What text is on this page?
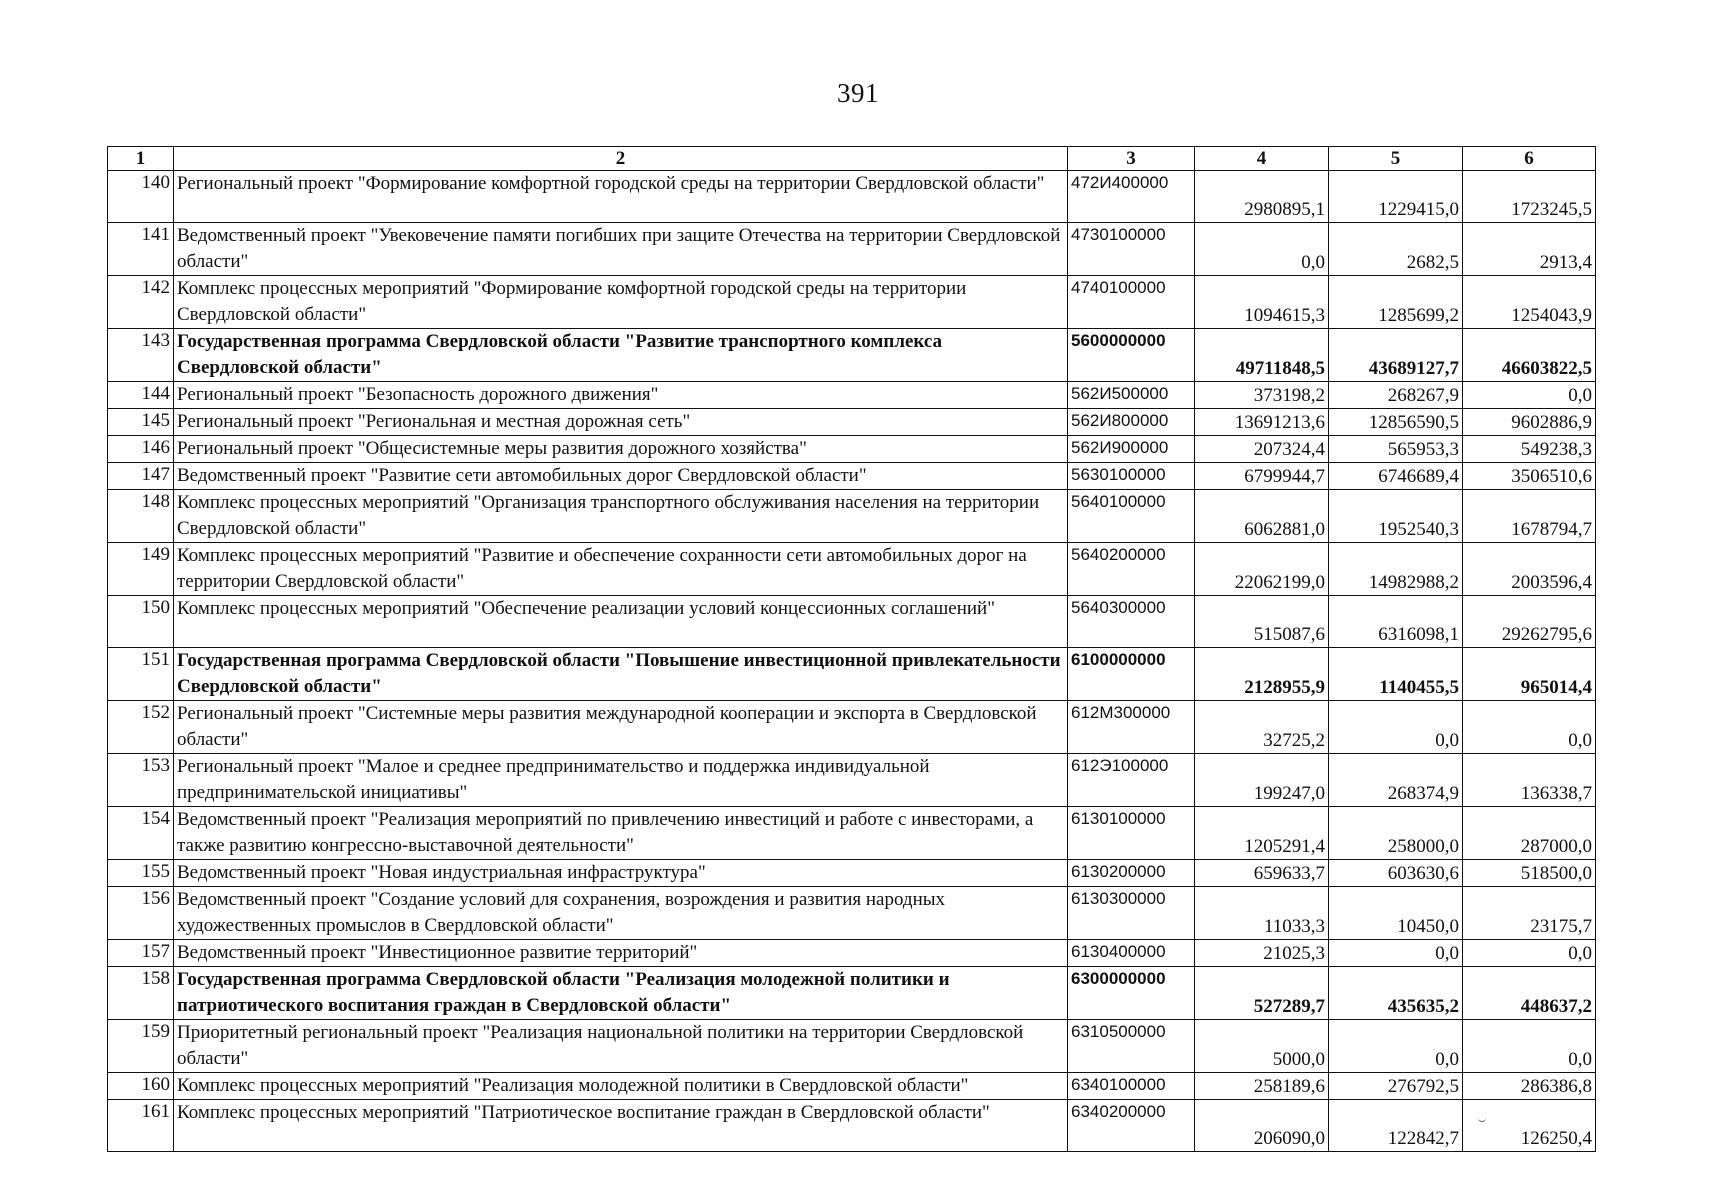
391
1	2	3	4	5	6
140	Региональный проект "Формирование комфортной городской среды на территории Свердловской области"	472И400000	2980895,1	1229415,0	1723245,5
141	Ведомственный проект "Увековечение памяти погибших при защите Отечества на территории Свердловской области"	4730100000	0,0	2682,5	2913,4
142	Комплекс процессных мероприятий "Формирование комфортной городской среды на территории Свердловской области"	4740100000	1094615,3	1285699,2	1254043,9
143	Государственная программа Свердловской области "Развитие транспортного комплекса Свердловской области"	5600000000	49711848,5	43689127,7	46603822,5
144	Региональный проект "Безопасность дорожного движения"	562И500000	373198,2	268267,9	0,0
145	Региональный проект "Региональная и местная дорожная сеть"	562И800000	13691213,6	12856590,5	9602886,9
146	Региональный проект "Общесистемные меры развития дорожного хозяйства"	562И900000	207324,4	565953,3	549238,3
147	Ведомственный проект "Развитие сети автомобильных дорог Свердловской области"	5630100000	6799944,7	6746689,4	3506510,6
148	Комплекс процессных мероприятий "Организация транспортного обслуживания населения на территории Свердловской области"	5640100000	6062881,0	1952540,3	1678794,7
149	Комплекс процессных мероприятий "Развитие и обеспечение сохранности сети автомобильных дорог на территории Свердловской области"	5640200000	22062199,0	14982988,2	2003596,4
150	Комплекс процессных мероприятий "Обеспечение реализации условий концессионных соглашений"	5640300000	515087,6	6316098,1	29262795,6
151	Государственная программа Свердловской области "Повышение инвестиционной привлекательности Свердловской области"	6100000000	2128955,9	1140455,5	965014,4
152	Региональный проект "Системные меры развития международной кооперации и экспорта в Свердловской области"	612М300000	32725,2	0,0	0,0
153	Региональный проект "Малое и среднее предпринимательство и поддержка индивидуальной предпринимательской инициативы"	612Э100000	199247,0	268374,9	136338,7
154	Ведомственный проект "Реализация мероприятий по привлечению инвестиций и работе с инвесторами, а также развитию конгрессно-выставочной деятельности"	6130100000	1205291,4	258000,0	287000,0
155	Ведомственный проект "Новая индустриальная инфраструктура"	6130200000	659633,7	603630,6	518500,0
156	Ведомственный проект "Создание условий для сохранения, возрождения и развития народных художественных промыслов в Свердловской области"	6130300000	11033,3	10450,0	23175,7
157	Ведомственный проект "Инвестиционное развитие территорий"	6130400000	21025,3	0,0	0,0
158	Государственная программа Свердловской области "Реализация молодежной политики и патриотического воспитания граждан в Свердловской области"	6300000000	527289,7	435635,2	448637,2
159	Приоритетный региональный проект "Реализация национальной политики на территории Свердловской области"	6310500000	5000,0	0,0	0,0
160	Комплекс процессных мероприятий "Реализация молодежной политики в Свердловской области"	6340100000	258189,6	276792,5	286386,8
161	Комплекс процессных мероприятий "Патриотическое воспитание граждан в Свердловской области"	6340200000	206090,0	122842,7	126250,4
